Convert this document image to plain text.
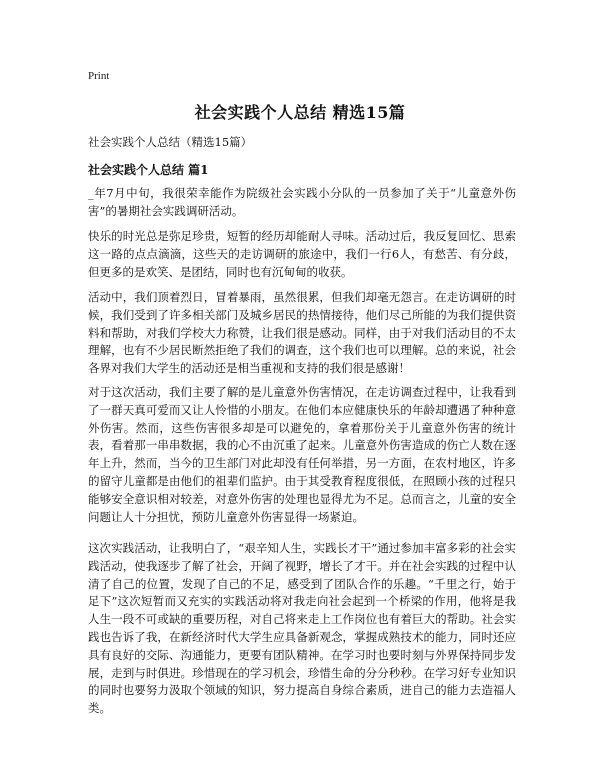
Print
社会实践个人总结 精选15篇
社会实践个人总结（精选15篇）
社会实践个人总结 篇1

_年7月中旬，我很荣幸能作为院级社会实践小分队的一员参加了关于“儿童意外伤害”的暑期社会实践调研活动。

快乐的时光总是弥足珍贵，短暂的经历却能耐人寻味。活动过后，我反复回忆、思索这一路的点点滴滴，这些天的走访调研的旅途中，我们一行6人，有愁苦、有分歧，但更多的是欢笑、是团结，同时也有沉甸甸的收获。

活动中，我们顶着烈日，冒着暴雨，虽然很累，但我们却毫无怨言。在走访调研的时候，我们受到了许多相关部门及城乡居民的热情接待，他们尽己所能的为我们提供资料和帮助，对我们学校大力称赞，让我们很是感动。同样，由于对我们活动目的不太理解，也有不少居民断然拒绝了我们的调查，这个我们也可以理解。总的来说，社会各界对我们大学生的活动还是相当重视和支持的我们很是感谢！

对于这次活动，我们主要了解的是儿童意外伤害情况，在走访调查过程中，让我看到了一群天真可爱而又让人怜惜的小朋友。在他们本应健康快乐的年龄却遭遇了种种意外伤害。然而，这些伤害很多却是可以避免的，拿着那份关于儿童意外伤害的统计表，看着那一串串数据，我的心不由沉重了起来。儿童意外伤害造成的伤亡人数在逐年上升，然而，当今的卫生部门对此却没有任何举措，另一方面，在农村地区，许多的留守儿童都是由他们的祖辈们监护。由于其受教育程度很低，在照顾小孩的过程只能够安全意识相对较差，对意外伤害的处理也显得尤为不足。总而言之，儿童的安全问题让人十分担忧，预防儿童意外伤害显得一场紧迫。

这次实践活动，让我明白了，“艰辛知人生，实践长才干”通过参加丰富多彩的社会实践活动，使我逐步了解了社会，开阔了视野，增长了才干。并在社会实践的过程中认清了自己的位置，发现了自己的不足，感受到了团队合作的乐趣。“千里之行，始于足下”这次短暂而又充实的实践活动将对我走向社会起到一个桥梁的作用，他将是我人生一段不可或缺的重要历程，对自己将来走上工作岗位也有着巨大的帮助。社会实践也告诉了我，在新经济时代大学生应具备新观念，掌握成熟技术的能力，同时还应具有良好的交际、沟通能力，更要有团队精神。在学习时也要时刻与外界保持同步发展，走到与时俱进。珍惜现在的学习机会，珍惜生命的分分秒秒。在学习好专业知识的同时也要努力汲取个领域的知识，努力提高自身综合素质，进自己的能力去造福人类。
